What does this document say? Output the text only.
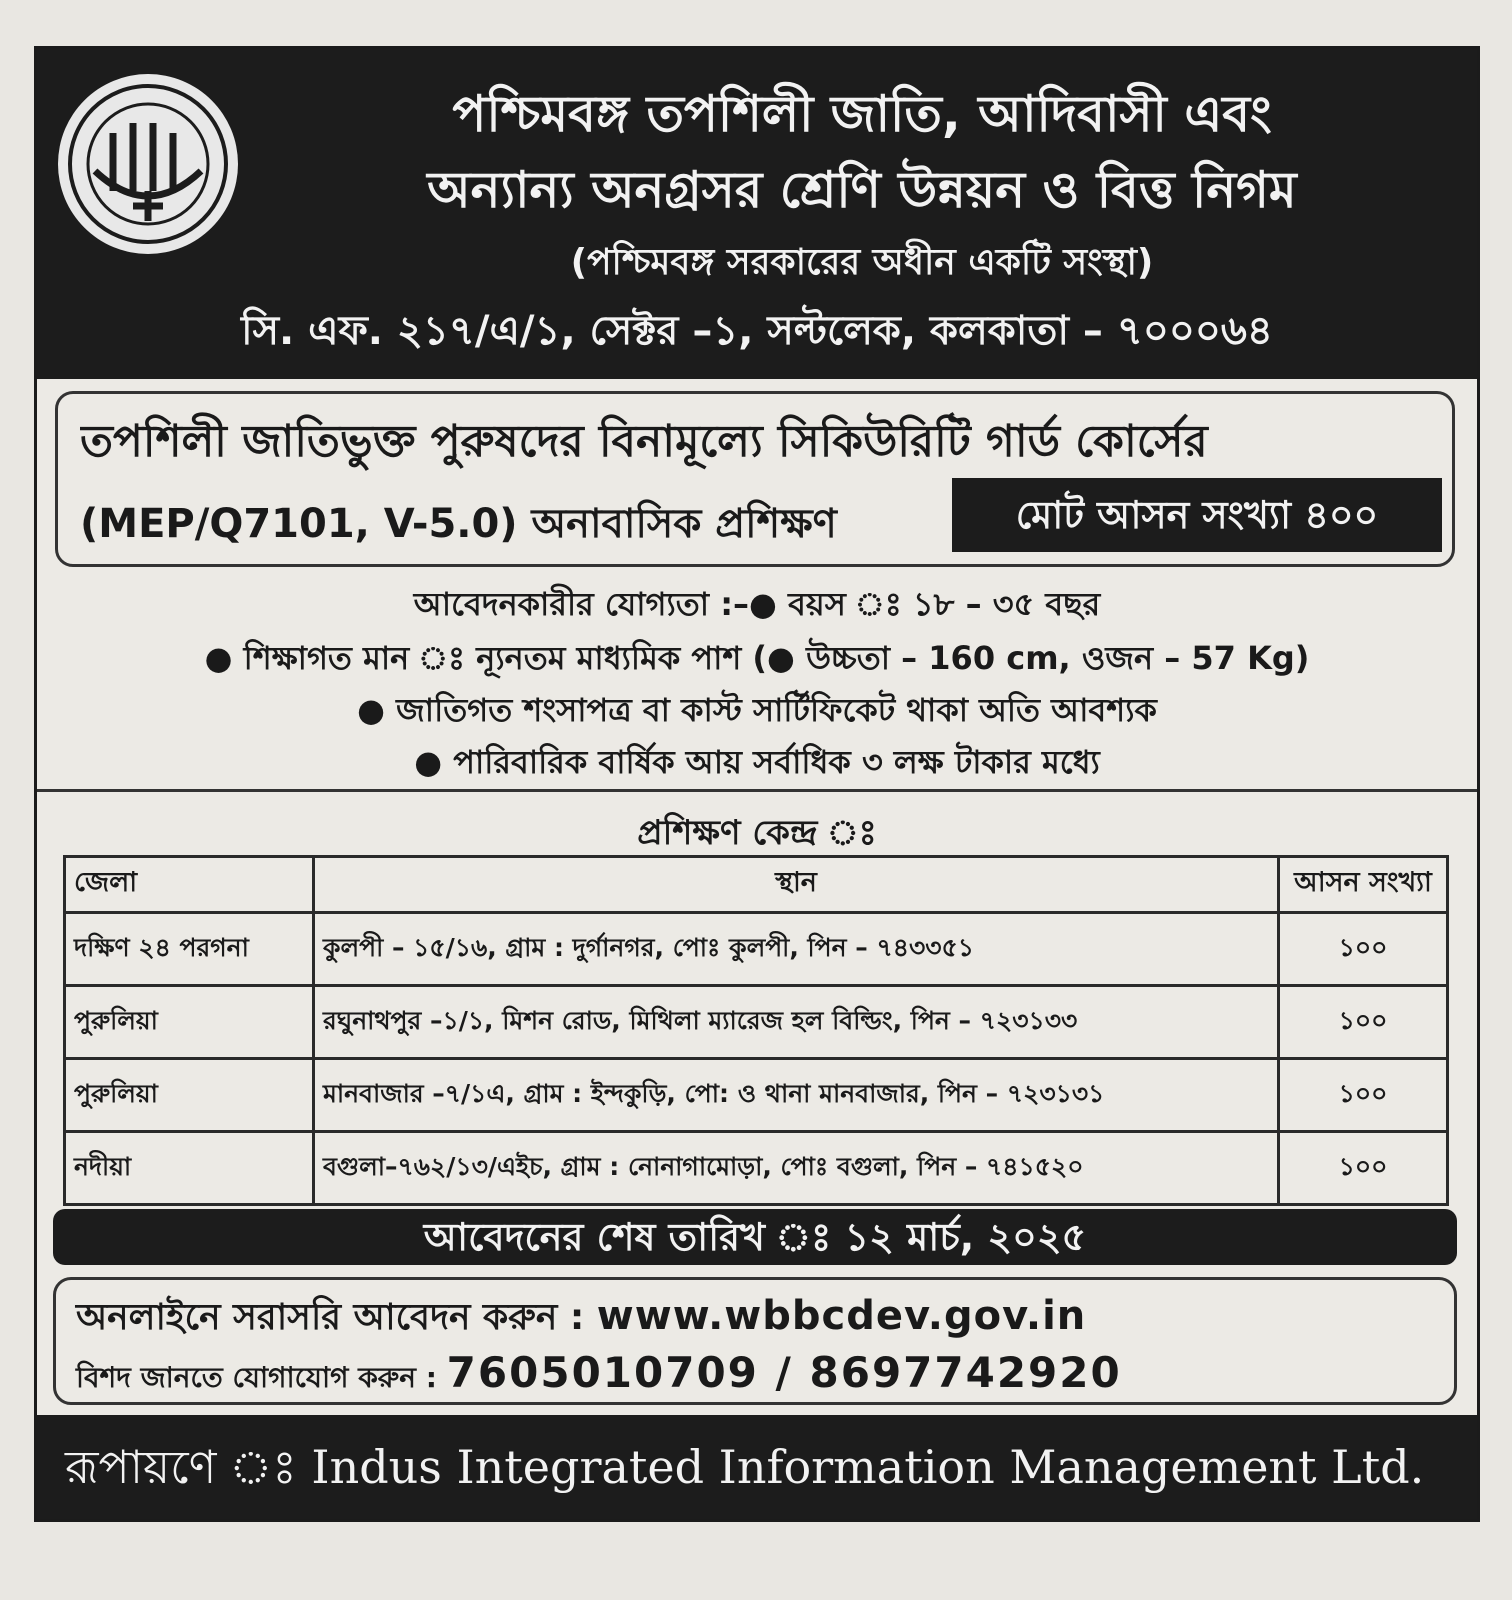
পশ্চিমবঙ্গ তপশিলী জাতি, আদিবাসী এবং
অন্যান্য অনগ্রসর শ্রেণি উন্নয়ন ও বিত্ত নিগম
(পশ্চিমবঙ্গ সরকারের অধীন একটি সংস্থা)
সি. এফ. ২১৭/এ/১, সেক্টর –১, সল্টলেক, কলকাতা – ৭০০০৬৪
তপশিলী জাতিভুক্ত পুরুষদের বিনামূল্যে সিকিউরিটি গার্ড কোর্সের
(MEP/Q7101, V-5.0) অনাবাসিক প্রশিক্ষণ	মোট আসন সংখ্যা ৪০০
আবেদনকারীর যোগ্যতা :–● বয়স ঃ ১৮ – ৩৫ বছর
● শিক্ষাগত মান ঃ ন্যূনতম মাধ্যমিক পাশ (● উচ্চতা – 160 cm, ওজন – 57 Kg)
● জাতিগত শংসাপত্র বা কাস্ট সার্টিফিকেট থাকা অতি আবশ্যক
● পারিবারিক বার্ষিক আয় সর্বাধিক ৩ লক্ষ টাকার মধ্যে
প্রশিক্ষণ কেন্দ্র ঃ
জেলা	স্থান	আসন সংখ্যা
দক্ষিণ ২৪ পরগনা	কুলপী – ১৫/১৬, গ্রাম : দুর্গানগর, পোঃ কুলপী, পিন – ৭৪৩৩৫১	১০০
পুরুলিয়া	রঘুনাথপুর –১/১, মিশন রোড, মিথিলা ম্যারেজ হল বিল্ডিং, পিন – ৭২৩১৩৩	১০০
পুরুলিয়া	মানবাজার –৭/১এ, গ্রাম : ইন্দকুড়ি, পো: ও থানা মানবাজার, পিন – ৭২৩১৩১	১০০
নদীয়া	বগুলা–৭৬২/১৩/এইচ, গ্রাম : নোনাগামোড়া, পোঃ বগুলা, পিন – ৭৪১৫২০	১০০
আবেদনের শেষ তারিখ ঃ ১২ মার্চ, ২০২৫
অনলাইনে সরাসরি আবেদন করুন : www.wbbcdev.gov.in
বিশদ জানতে যোগাযোগ করুন : 7605010709 / 8697742920
রূপায়ণে ঃ Indus Integrated Information Management Ltd.
